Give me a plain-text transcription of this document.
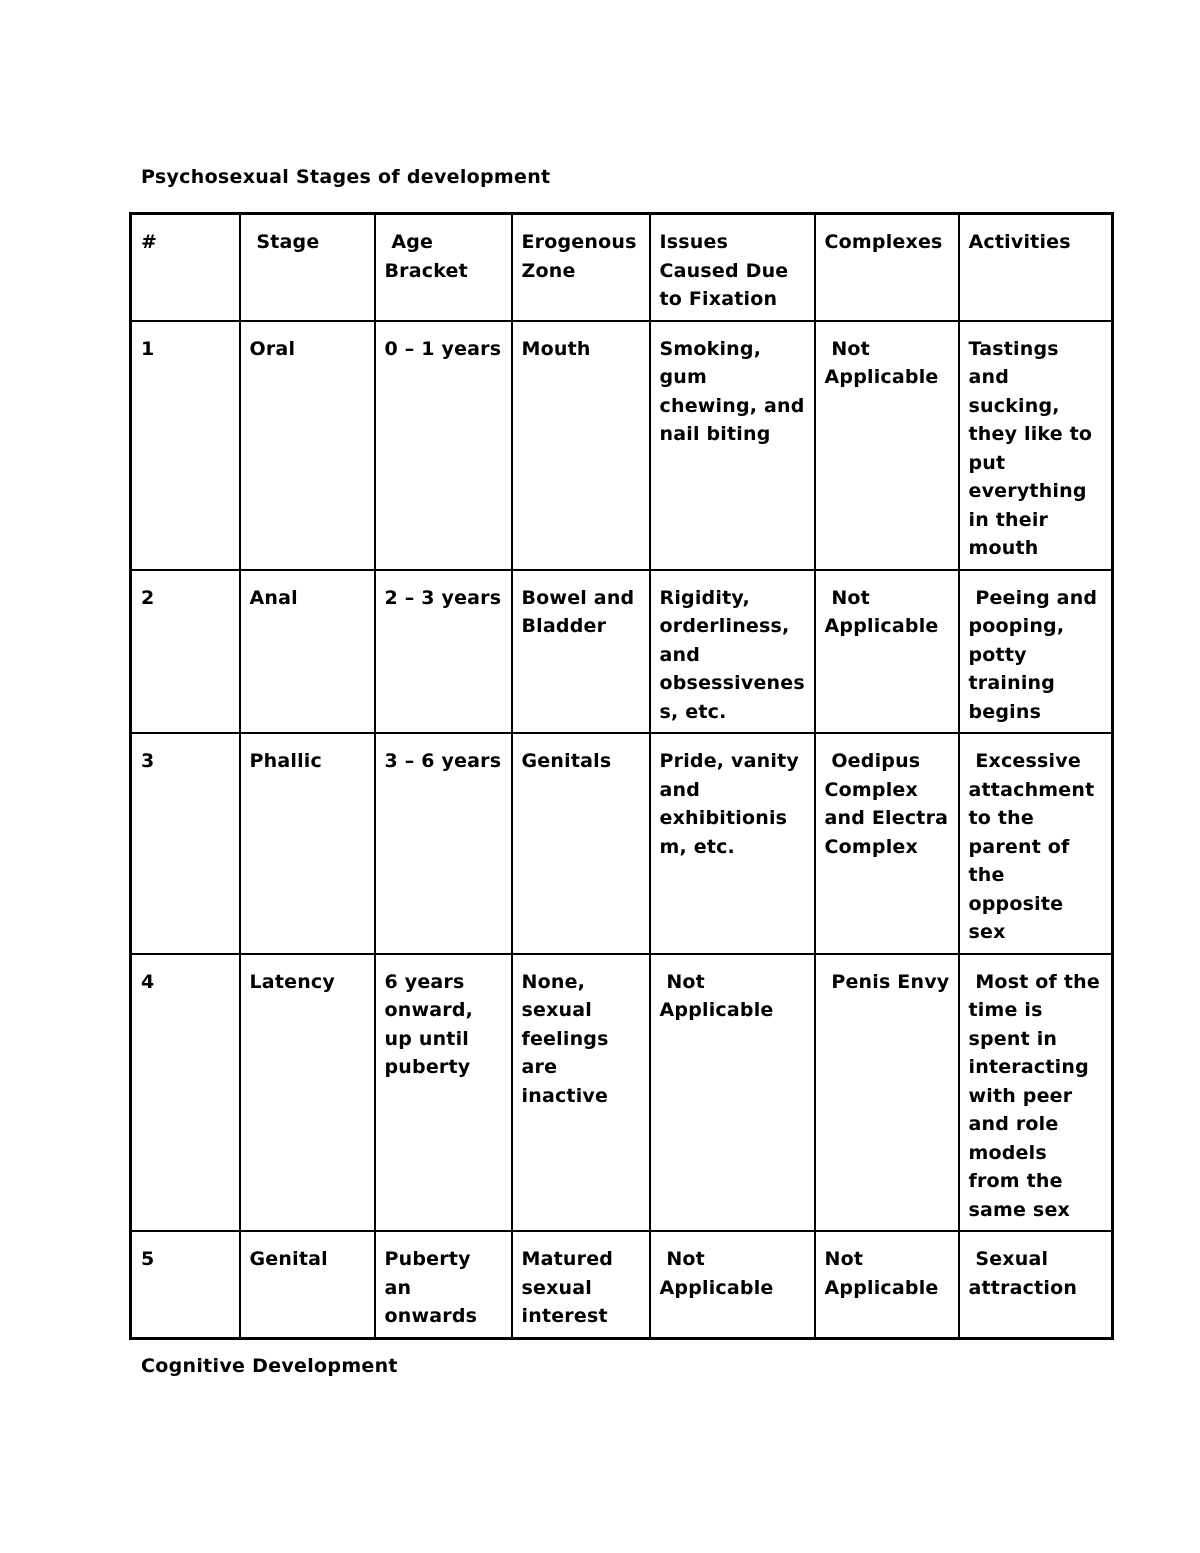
Psychosexual Stages of development
#	Stage	Age Bracket	Erogenous Zone	Issues Caused Due to Fixation	Complexes	Activities
1	Oral	0 – 1 years	Mouth	Smoking, gum chewing, and nail biting	Not Applicable	Tastings and sucking, they like to put everything in their mouth
2	Anal	2 – 3 years	Bowel and Bladder	Rigidity, orderliness, and obsessiveness, etc.	Not Applicable	Peeing and pooping, potty training begins
3	Phallic	3 – 6 years	Genitals	Pride, vanity and exhibitionism, etc.	Oedipus Complex and Electra Complex	Excessive attachment to the parent of the opposite sex
4	Latency	6 years onward, up until puberty	None, sexual feelings are inactive	Not Applicable	Penis Envy	Most of the time is spent in interacting with peer and role models from the same sex
5	Genital	Puberty an onwards	Matured sexual interest	Not Applicable	Not Applicable	Sexual attraction
Cognitive Development
